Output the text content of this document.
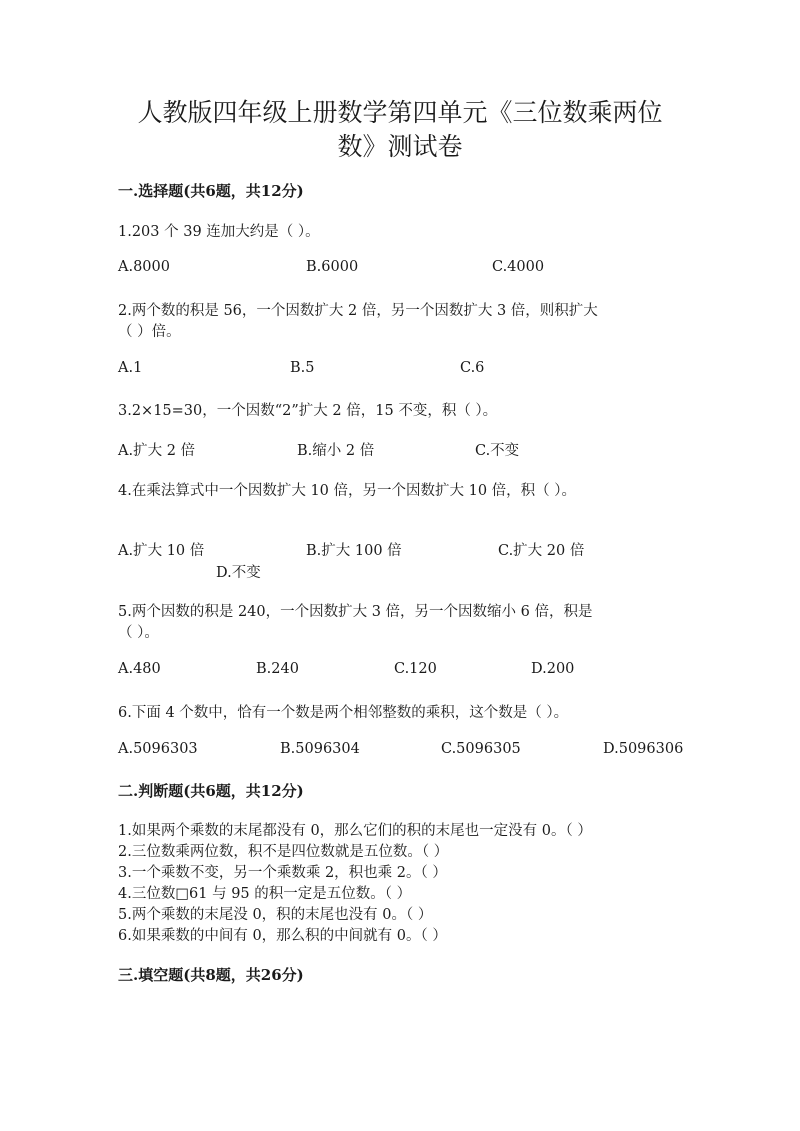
人教版四年级上册数学第四单元《三位数乘两位
数》测试卷
一.选择题(共6题，共12分)
1.203 个 39 连加大约是（ ）。
A.8000	B.6000	C.4000
2.两个数的积是 56，一个因数扩大 2 倍，另一个因数扩大 3 倍，则积扩大
（ ）倍。
A.1	B.5	C.6
3.2×15=30，一个因数“2”扩大 2 倍，15 不变，积（ ）。
A.扩大 2 倍	B.缩小 2 倍	C.不变
4.在乘法算式中一个因数扩大 10 倍，另一个因数扩大 10 倍，积（ ）。
A.扩大 10 倍	B.扩大 100 倍	C.扩大 20 倍
D.不变
5.两个因数的积是 240，一个因数扩大 3 倍，另一个因数缩小 6 倍，积是
（ ）。
A.480	B.240	C.120	D.200
6.下面 4 个数中，恰有一个数是两个相邻整数的乘积，这个数是（ ）。
A.5096303	B.5096304	C.5096305	D.5096306
二.判断题(共6题，共12分)
1.如果两个乘数的末尾都没有 0，那么它们的积的末尾也一定没有 0。（ ）
2.三位数乘两位数，积不是四位数就是五位数。（ ）
3.一个乘数不变，另一个乘数乘 2，积也乘 2。（ ）
4.三位数□61 与 95 的积一定是五位数。（ ）
5.两个乘数的末尾没 0，积的末尾也没有 0。（ ）
6.如果乘数的中间有 0，那么积的中间就有 0。（ ）
三.填空题(共8题，共26分)
